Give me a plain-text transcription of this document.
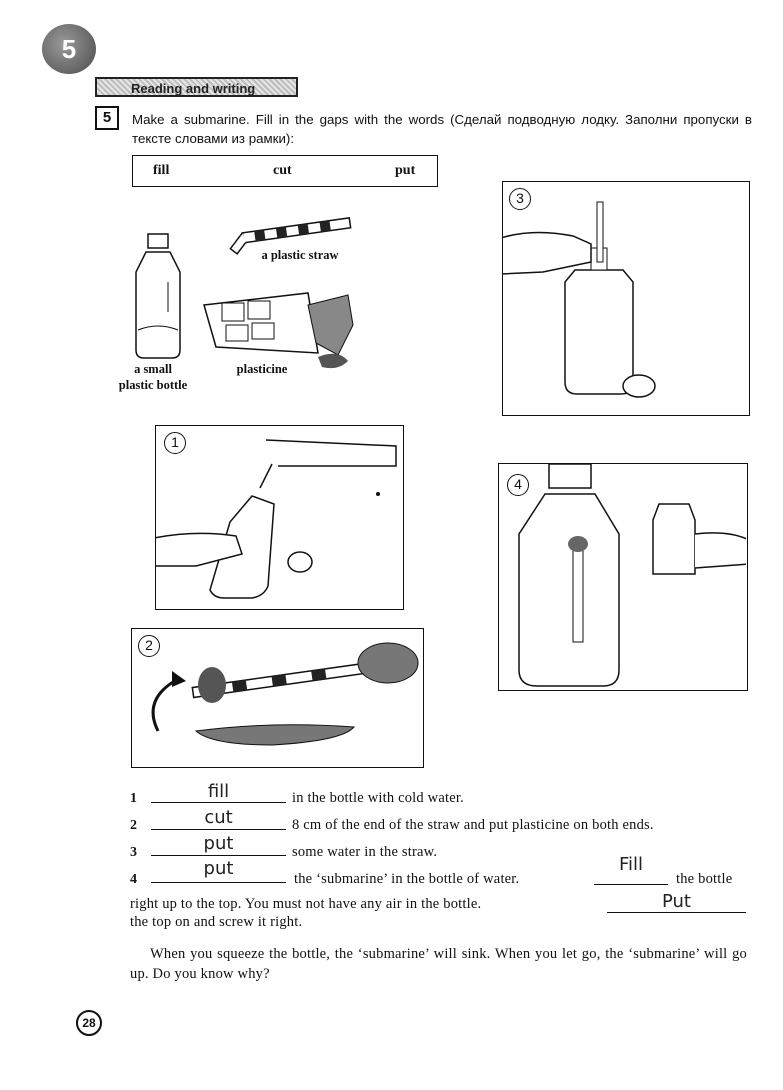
5
Reading and writing
5	Make a submarine. Fill in the gaps with the words (Сделай подводную лодку. Заполни пропуски в тексте словами из рамки):
fill	cut	put
a plastic straw
a small
plastic bottle
plasticine
3
1
4
2
1	fill	in the bottle with cold water.
2	cut	8 cm of the end of the straw and put plasticine on both ends.
3	put	some water in the straw.
4
put	the ‘submarine’ in the bottle of water.
Fill
the bottle
right up to the top. You must not have any air in the bottle.	Put
the top on and screw it right.
When you squeeze the bottle, the ‘submarine’ will sink. When you let go, the ‘submarine’ will go up. Do you know why?
28
